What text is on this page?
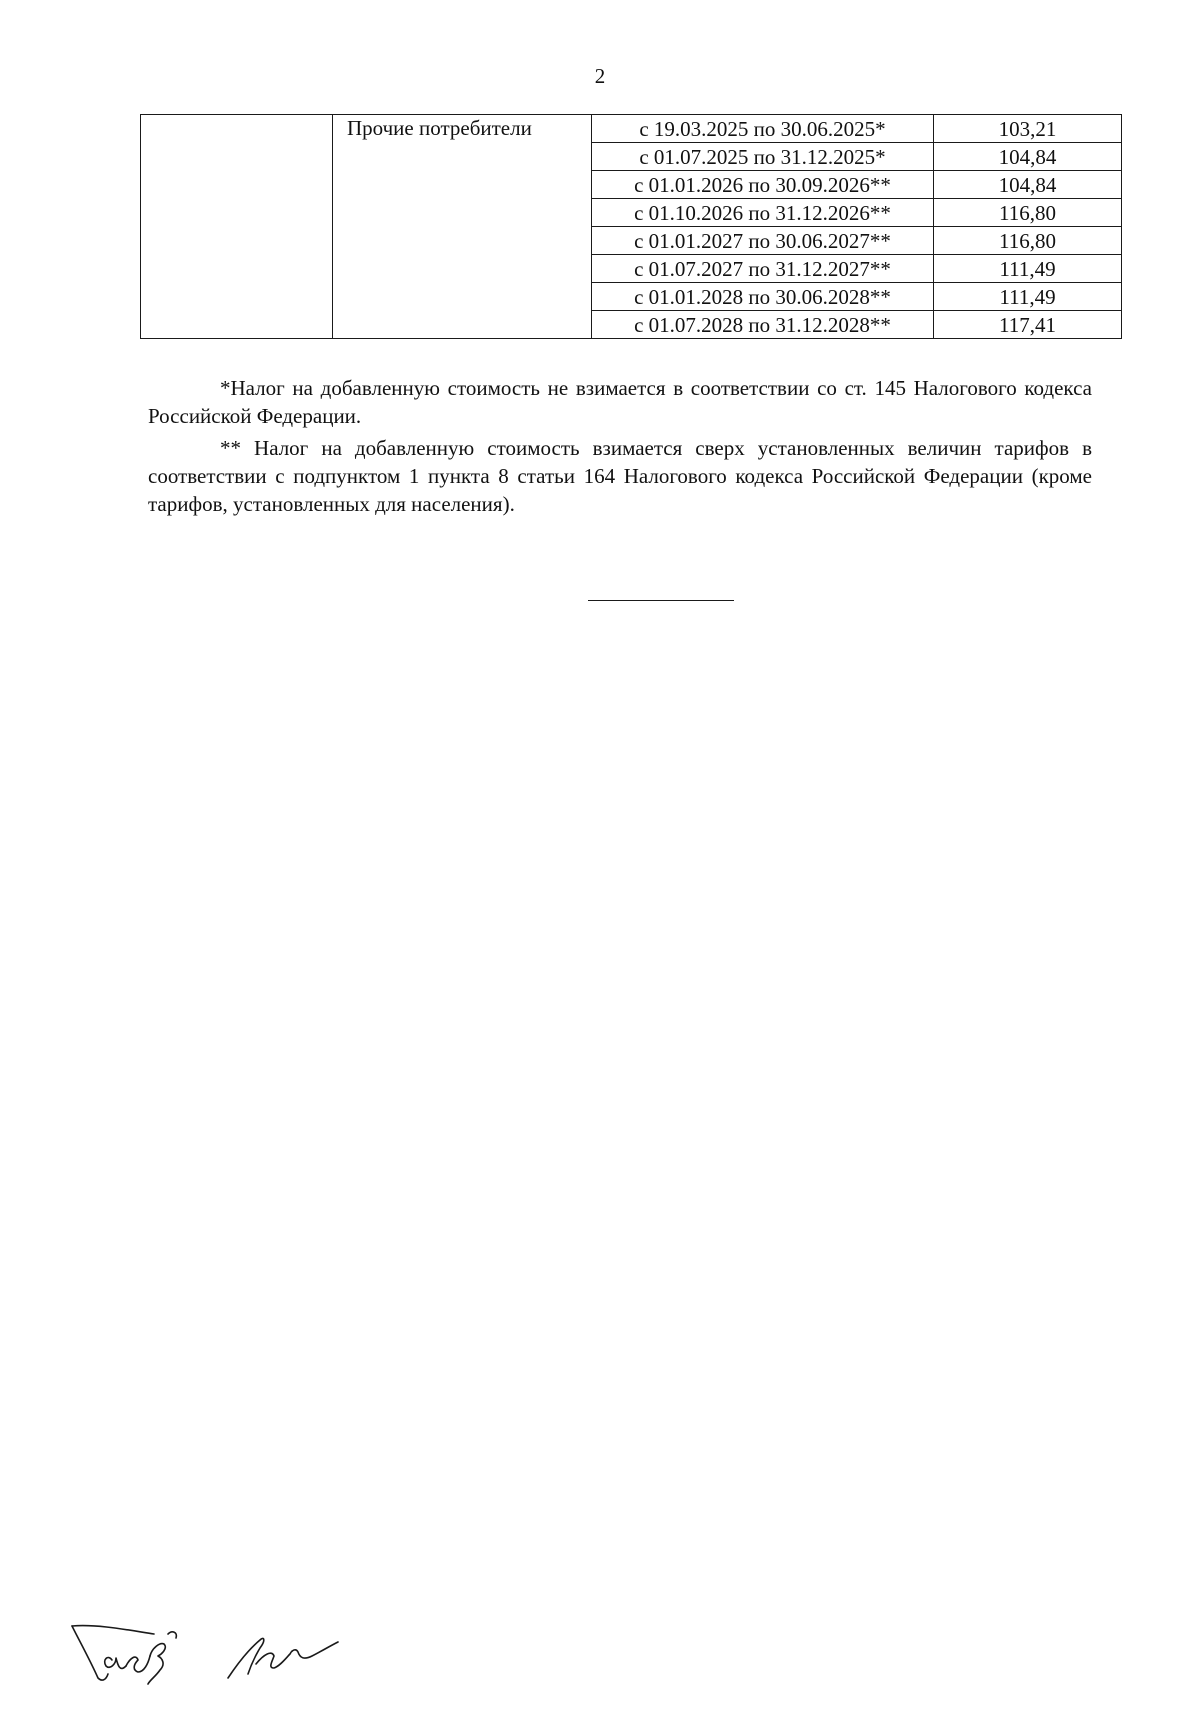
2
	Прочие потребители	с 19.03.2025 по 30.06.2025*	103,21
		с 01.07.2025 по 31.12.2025*	104,84
		с 01.01.2026 по 30.09.2026**	104,84
		с 01.10.2026 по 31.12.2026**	116,80
		с 01.01.2027 по 30.06.2027**	116,80
		с 01.07.2027 по 31.12.2027**	111,49
		с 01.01.2028 по 30.06.2028**	111,49
		с 01.07.2028 по 31.12.2028**	117,41

*Налог на добавленную стоимость не взимается в соответствии со ст. 145 Налогового кодекса Российской Федерации.

** Налог на добавленную стоимость взимается сверх установленных величин тарифов в соответствии с подпунктом 1 пункта 8 статьи 164 Налогового кодекса Российской Федерации (кроме тарифов, установленных для населения).
